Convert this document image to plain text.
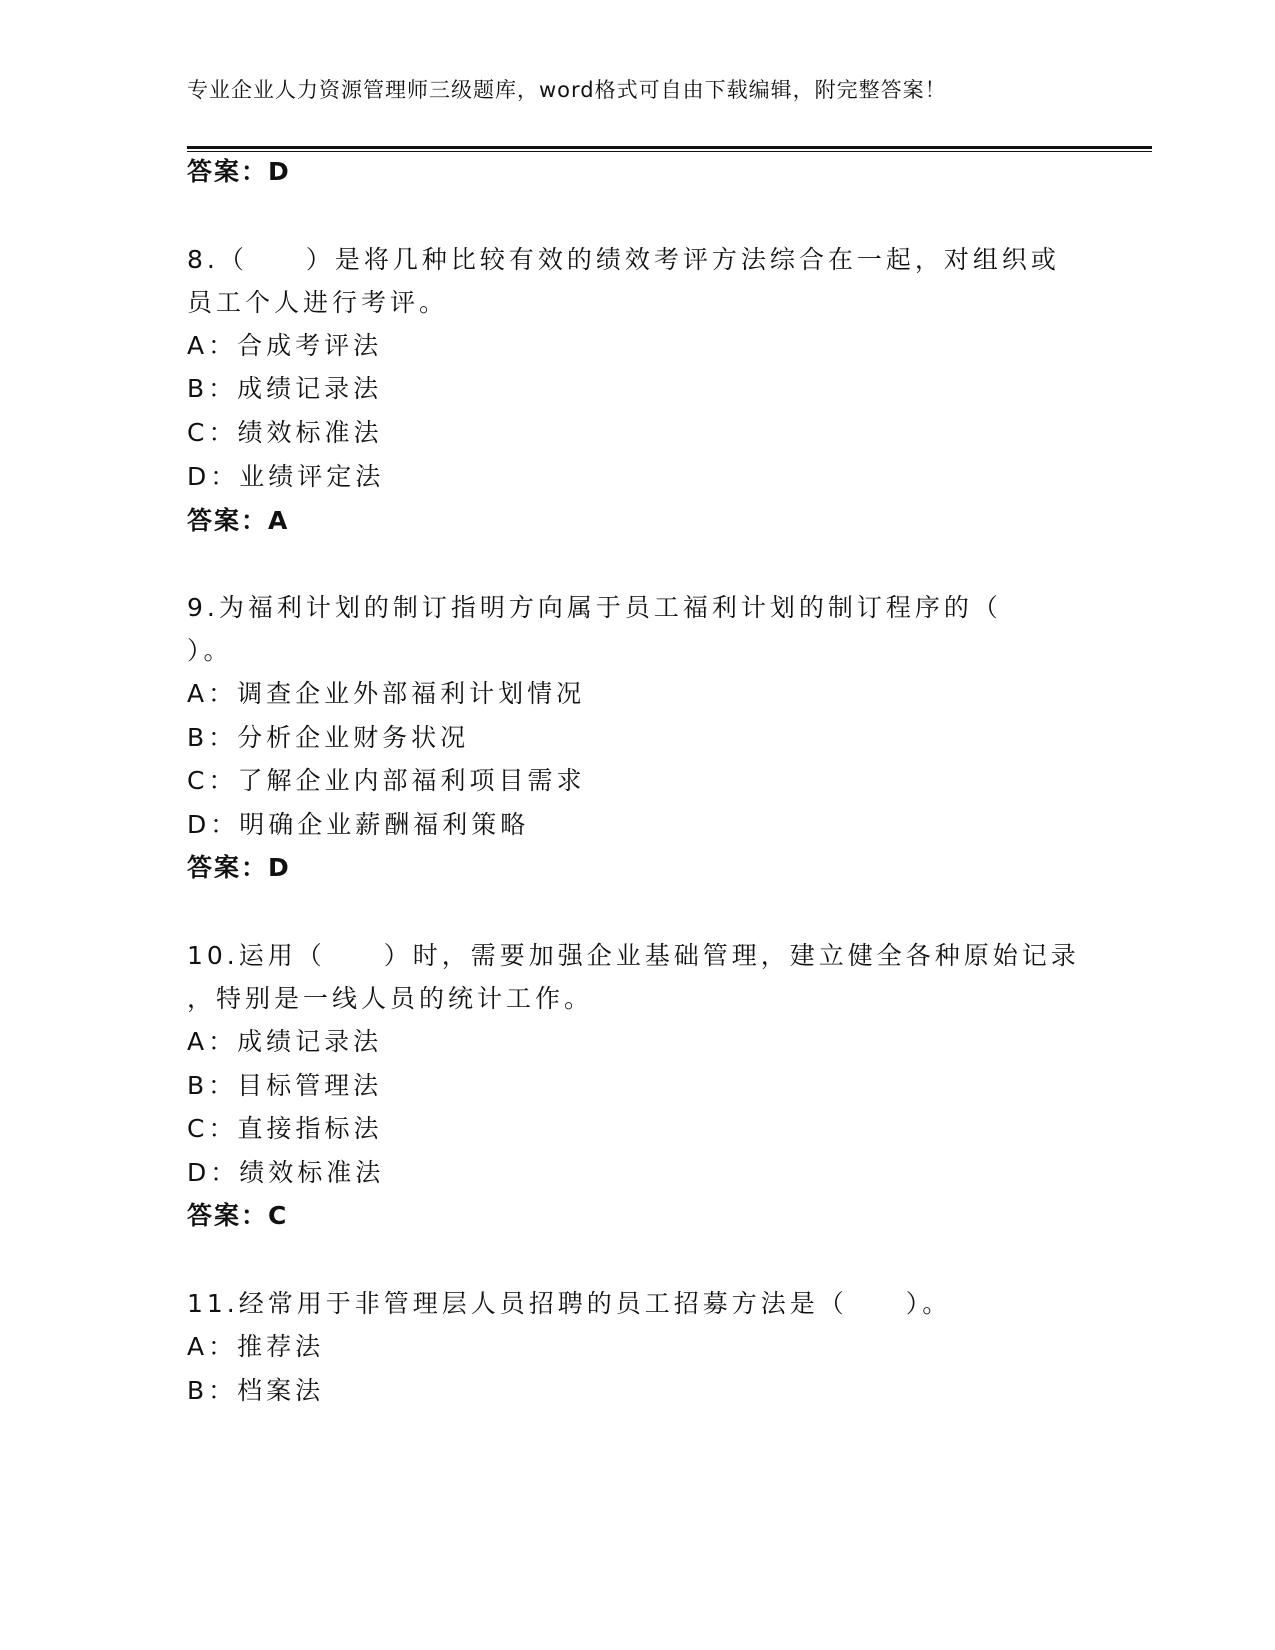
专业企业人力资源管理师三级题库，word格式可自由下载编辑，附完整答案！
答案：D
8.（　　）是将几种比较有效的绩效考评方法综合在一起，对组织或
员工个人进行考评。
A：合成考评法
B：成绩记录法
C：绩效标准法
D：业绩评定法
答案：A
9.为福利计划的制订指明方向属于员工福利计划的制订程序的（
）。
A：调查企业外部福利计划情况
B：分析企业财务状况
C：了解企业内部福利项目需求
D：明确企业薪酬福利策略
答案：D
10.运用（　　）时，需要加强企业基础管理，建立健全各种原始记录
，特别是一线人员的统计工作。
A：成绩记录法
B：目标管理法
C：直接指标法
D：绩效标准法
答案：C
11.经常用于非管理层人员招聘的员工招募方法是（　　）。
A：推荐法
B：档案法
